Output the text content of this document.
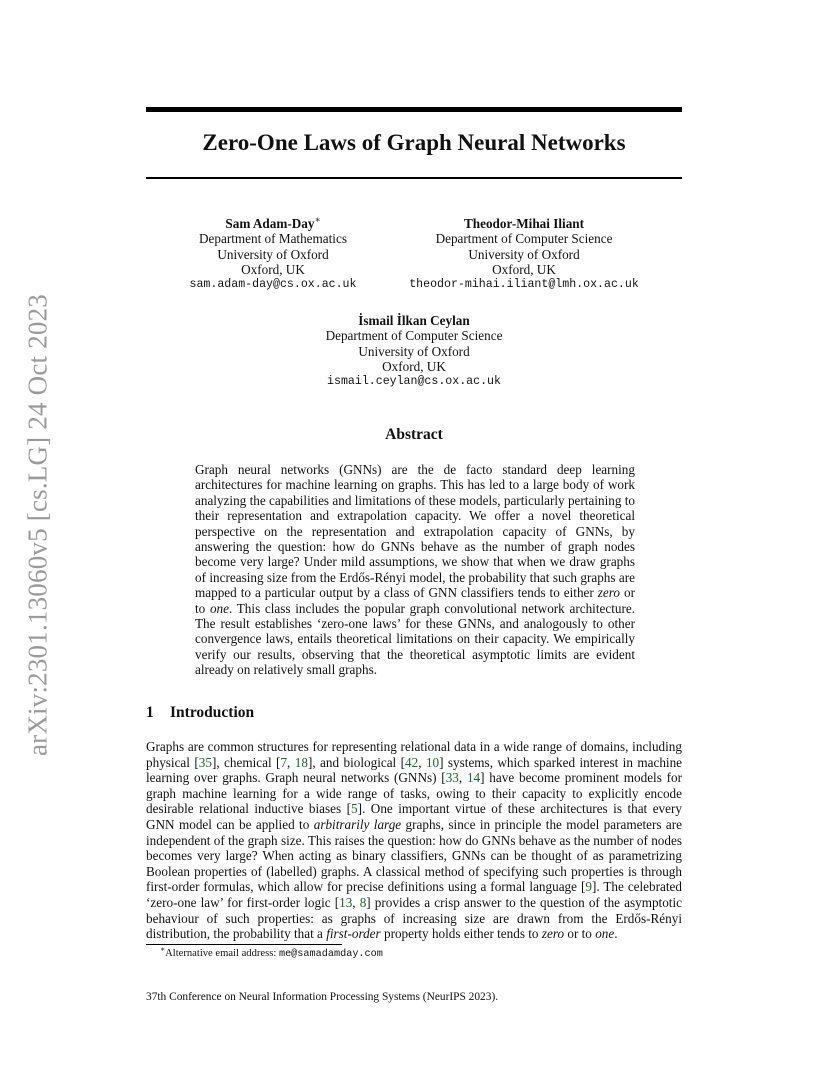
arXiv:2301.13060v5 [cs.LG] 24 Oct 2023
Zero-One Laws of Graph Neural Networks
Sam Adam-Day∗
Department of Mathematics
University of Oxford
Oxford, UK
sam.adam-day@cs.ox.ac.uk
Theodor-Mihai Iliant
Department of Computer Science
University of Oxford
Oxford, UK
theodor-mihai.iliant@lmh.ox.ac.uk
İsmail İlkan Ceylan
Department of Computer Science
University of Oxford
Oxford, UK
ismail.ceylan@cs.ox.ac.uk
Abstract
Graph neural networks (GNNs) are the de facto standard deep learning architectures for machine learning on graphs. This has led to a large body of work analyzing the capabilities and limitations of these models, particularly pertaining to their representation and extrapolation capacity. We offer a novel theoretical perspective on the representation and extrapolation capacity of GNNs, by answering the question: how do GNNs behave as the number of graph nodes become very large? Under mild assumptions, we show that when we draw graphs of increasing size from the Erdős-Rényi model, the probability that such graphs are mapped to a particular output by a class of GNN classifiers tends to either zero or to one. This class includes the popular graph convolutional network architecture. The result establishes ‘zero-one laws’ for these GNNs, and analogously to other convergence laws, entails theoretical limitations on their capacity. We empirically verify our results, observing that the theoretical asymptotic limits are evident already on relatively small graphs.
1 Introduction
Graphs are common structures for representing relational data in a wide range of domains, including physical [35], chemical [7, 18], and biological [42, 10] systems, which sparked interest in machine learning over graphs. Graph neural networks (GNNs) [33, 14] have become prominent models for graph machine learning for a wide range of tasks, owing to their capacity to explicitly encode desirable relational inductive biases [5]. One important virtue of these architectures is that every GNN model can be applied to arbitrarily large graphs, since in principle the model parameters are independent of the graph size. This raises the question: how do GNNs behave as the number of nodes becomes very large? When acting as binary classifiers, GNNs can be thought of as parametrizing Boolean properties of (labelled) graphs. A classical method of specifying such properties is through first-order formulas, which allow for precise definitions using a formal language [9]. The celebrated ‘zero-one law’ for first-order logic [13, 8] provides a crisp answer to the question of the asymptotic behaviour of such properties: as graphs of increasing size are drawn from the Erdős-Rényi distribution, the probability that a first-order property holds either tends to zero or to one.
∗Alternative email address: me@samadamday.com
37th Conference on Neural Information Processing Systems (NeurIPS 2023).
